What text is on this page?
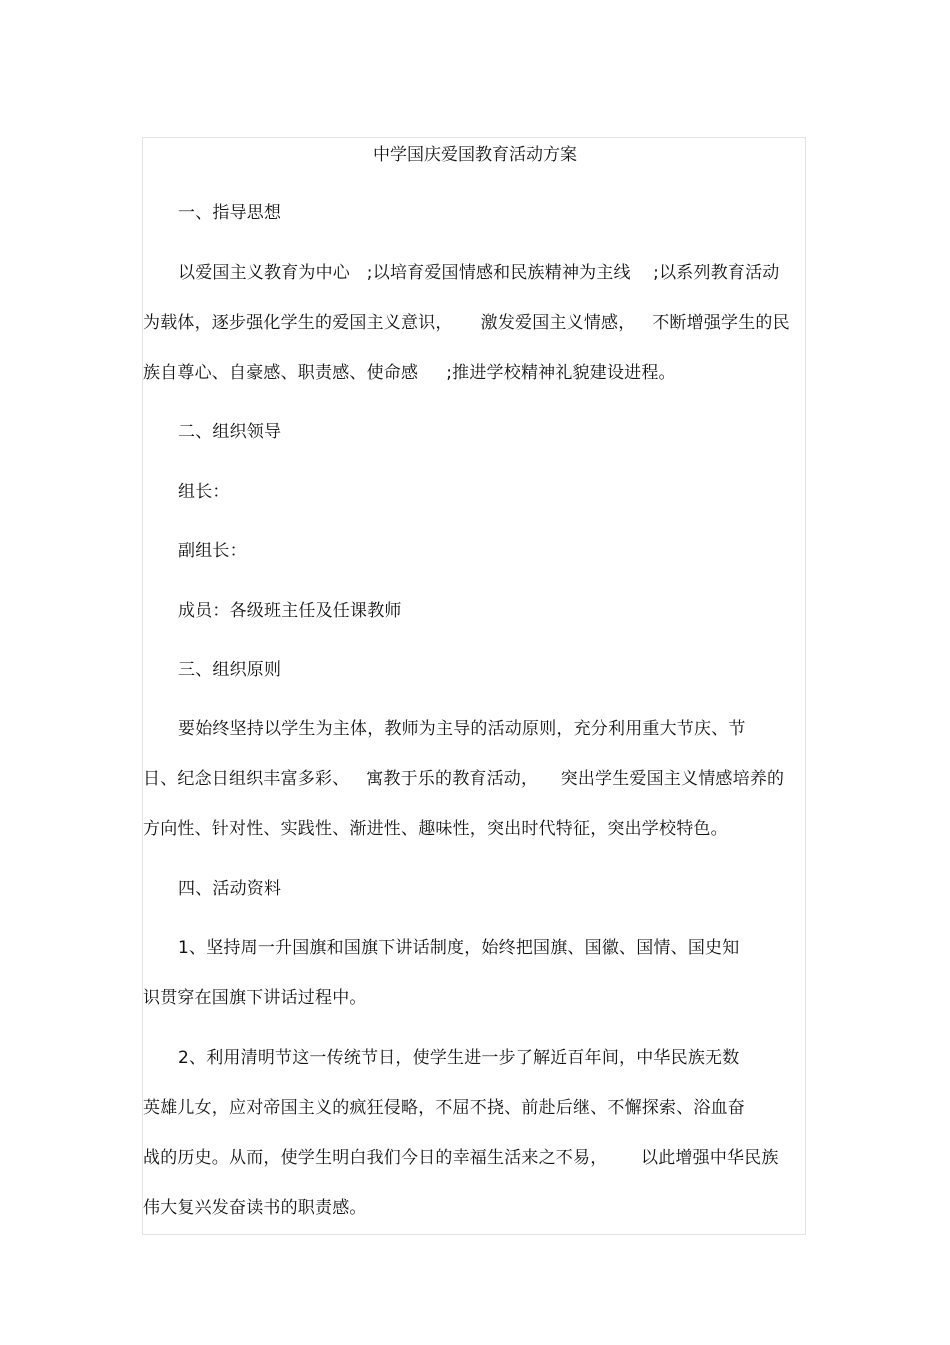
中学国庆爱国教育活动方案
一、指导思想
以爱国主义教育为中心   ;以培育爱国情感和民族精神为主线    ;以系列教育活动
为载体，逐步强化学生的爱国主义意识，     激发爱国主义情感，   不断增强学生的民
族自尊心、自豪感、职责感、使命感     ;推进学校精神礼貌建设进程。
二、组织领导
组长：
副组长：
成员：各级班主任及任课教师
三、组织原则
要始终坚持以学生为主体，教师为主导的活动原则，充分利用重大节庆、节
日、纪念日组织丰富多彩、   寓教于乐的教育活动，    突出学生爱国主义情感培养的
方向性、针对性、实践性、渐进性、趣味性，突出时代特征，突出学校特色。
四、活动资料
1、坚持周一升国旗和国旗下讲话制度，始终把国旗、国徽、国情、国史知
识贯穿在国旗下讲话过程中。
2、利用清明节这一传统节日，使学生进一步了解近百年间，中华民族无数
英雄儿女，应对帝国主义的疯狂侵略，不屈不挠、前赴后继、不懈探索、浴血奋
战的历史。从而，使学生明白我们今日的幸福生活来之不易，      以此增强中华民族
伟大复兴发奋读书的职责感。
